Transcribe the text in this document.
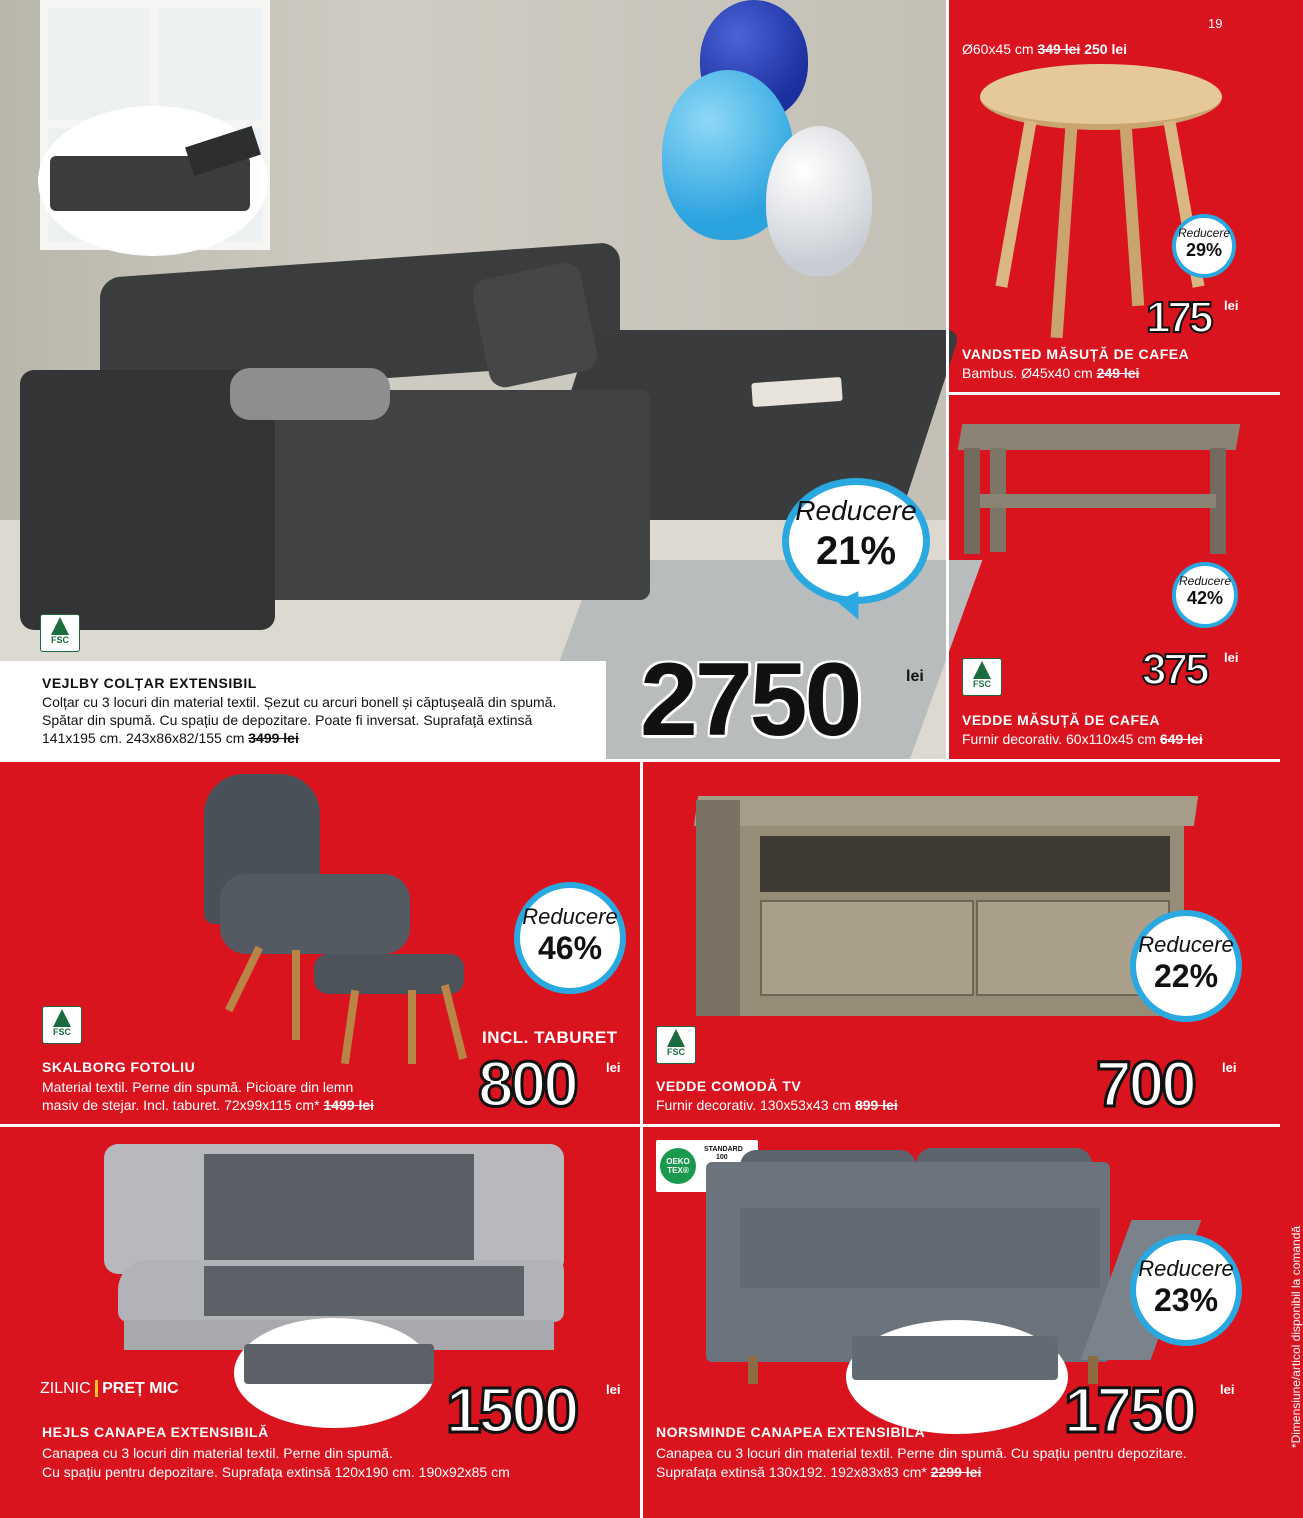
FSC
VEJLBY COLȚAR EXTENSIBIL
Colțar cu 3 locuri din material textil. Șezut cu arcuri bonell și căptușeală din spumă.
Spătar din spumă. Cu spațiu de depozitare. Poate fi inversat. Suprafață extinsă
141x195 cm. 243x86x82/155 cm 3499 lei	2750	lei
Reducere
21%
19
Ø60x45 cm 349 lei 250 lei
Reducere
29%
175 lei
VANDSTED MĂSUȚĂ DE CAFEA
Bambus. Ø45x40 cm 249 lei
Reducere
42%
FSC	375 lei
VEDDE MĂSUȚĂ DE CAFEA
Furnir decorativ. 60x110x45 cm 649 lei
Reducere
46%
FSC	INCL. TABURET
800 lei
SKALBORG FOTOLIU
Material textil. Perne din spumă. Picioare din lemn
masiv de stejar. Incl. taburet. 72x99x115 cm* 1499 lei
Reducere
22%
FSC	700 lei
VEDDE COMODĂ TV
Furnir decorativ. 130x53x43 cm 899 lei
ZILNIC PREȚ MIC	1500 lei
HEJLS CANAPEA EXTENSIBILĂ
Canapea cu 3 locuri din material textil. Perne din spumă.
Cu spațiu pentru depozitare. Suprafața extinsă 120x190 cm. 190x92x85 cm
OEKO
TEX®
STANDARD
100
Reducere
23%
1750 lei
NORSMINDE CANAPEA EXTENSIBILĂ
Canapea cu 3 locuri din material textil. Perne din spumă. Cu spațiu pentru depozitare.
Suprafața extinsă 130x192. 192x83x83 cm* 2299 lei
*Dimensiune/articol disponibil la comandă
